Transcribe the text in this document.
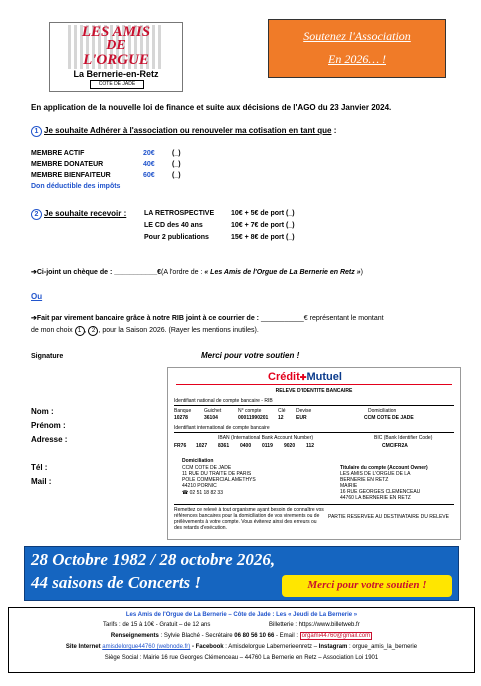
LES AMIS
DE
L'ORGUE
La Bernerie-en-Retz
CÔTE DE JADE
Soutenez l'Association
En 2026… !
En application de la nouvelle loi de finance et suite aux décisions de l'AGO du 23 Janvier 2024.
1 Je souhaite Adhérer à l'association ou renouveler ma cotisation en tant que :
MEMBRE ACTIF	20€ (_)
MEMBRE DONATEUR	40€ (_)
MEMBRE BIENFAITEUR	60€ (_)
Don déductible des impôts
2 Je souhaite recevoir :	LA RETROSPECTIVE 10€ + 5€ de port (_)
LE CD des 40 ans	10€ + 7€ de port (_)
Pour 2 publications	15€ + 8€ de port (_)
➔Ci-joint un chèque de : ___________€(A l'ordre de : « Les Amis de l'Orgue de La Bernerie en Retz »)
Ou
➔Fait par virement bancaire grâce à notre RIB joint à ce courrier de : ___________€ représentant le montant
de mon choix 1 , 2 , pour la Saison 2026. (Rayer les mentions inutiles).
Signature	Merci pour votre soutien !
Nom :
Prénom :
Adresse :
Tél :
Mail :
Crédit✚Mutuel
RELEVE D'IDENTITE BANCAIRE
Identifiant national de compte bancaire - RIB
Banque	Guichet	N° compte	Clé Devise	Domiciliation
10278	36104	00011990201 12 EUR	CCM COTE DE JADE
Identifiant international de compte bancaire
IBAN (International Bank Account Number)	BIC (Bank Identifier Code)
FR76 1027 8361 0400 0119 9020 112	CMCIFR2A
Domiciliation
CCM COTE DE JADE
11 RUE DU TRAITE DE PARIS
POLE COMMERCIAL AMETHYS
44210 PORNIC
☎ 02 51 18 82 33
Titulaire du compte (Account Owner)
LES AMIS DE L'ORGUE DE LA
BERNERIE EN RETZ
MAIRIE
16 RUE GEORGES CLEMENCEAU
44760 LA BERNERIE EN RETZ
Remettez ce relevé à tout organisme ayant besoin de connaître vos références bancaires pour la domiciliation de vos virements ou de prélèvements à votre compte. Vous éviterez ainsi des erreurs ou des retards d'exécution.
PARTIE RESERVEE AU DESTINATAIRE DU RELEVE
28 Octobre 1982 / 28 octobre 2026,
44 saisons de Concerts !	Merci pour votre soutien !
Les Amis de l'Orgue de La Bernerie – Côte de Jade : Les « Jeudi de La Bernerie »
Tarifs : de 15 à 10€ - Gratuit – de 12 ans	Billetterie : https://www.billetweb.fr
Renseignements : Sylvie Blaché - Secrétaire 06 80 56 10 66 - Email : orgami44760@gmail.com
Site Internet amisdelorgue44760 (webnode.fr) - Facebook : Amisdelorgue Labernerieenretz – Instagram : orgue_amis_la_bernerie
Siège Social : Mairie 16 rue Georges Clémenceau – 44760 La Bernerie en Retz – Association Loi 1901
